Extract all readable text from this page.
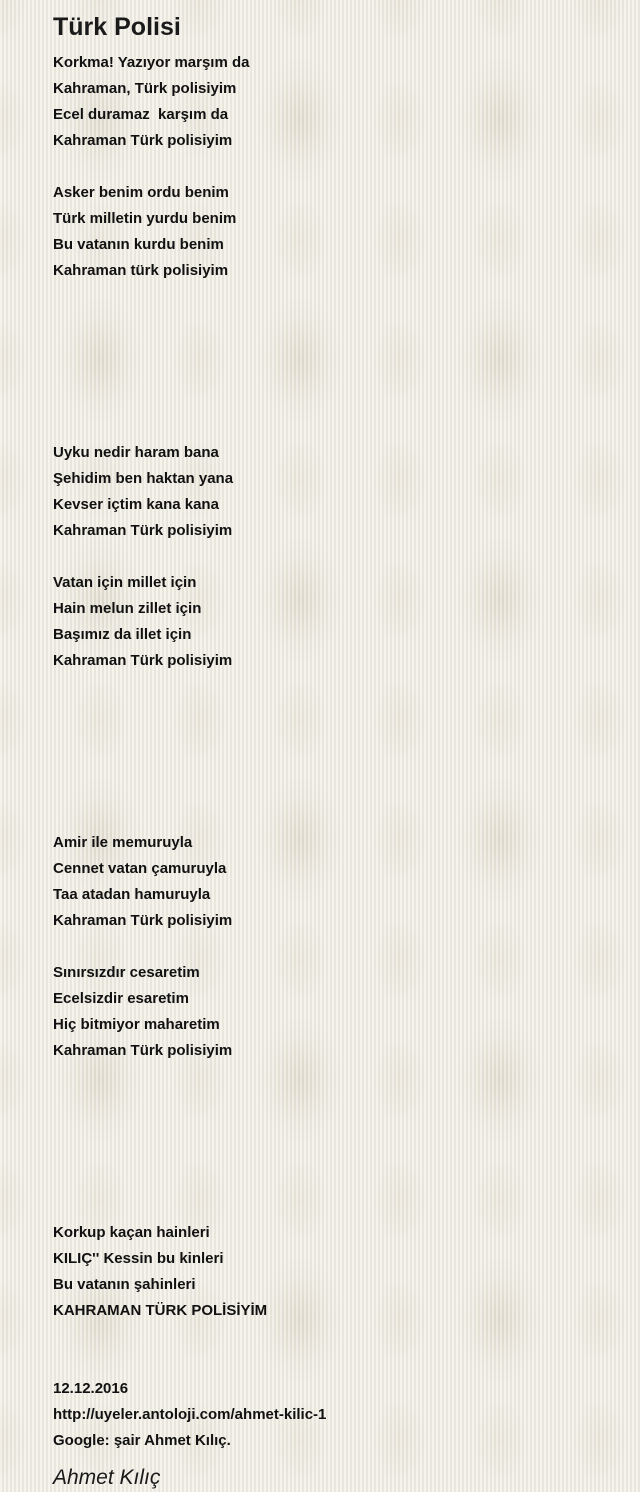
Türk Polisi
Korkma! Yazıyor marşım da
Kahraman, Türk polisiyim
Ecel duramaz  karşım da
Kahraman Türk polisiyim
Asker benim ordu benim
Türk milletin yurdu benim
Bu vatanın kurdu benim
Kahraman türk polisiyim
Uyku nedir haram bana
Şehidim ben haktan yana
Kevser içtim kana kana
Kahraman Türk polisiyim
Vatan için millet için
Hain melun zillet için
Başımız da illet için
Kahraman Türk polisiyim
Amir ile memuruyla
Cennet vatan çamuruyla
Taa atadan hamuruyla
Kahraman Türk polisiyim
Sınırsızdır cesaretim
Ecelsizdir esaretim
Hiç bitmiyor maharetim
Kahraman Türk polisiyim
Korkup kaçan hainleri
KILIÇ'' Kessin bu kinleri
Bu vatanın şahinleri
KAHRAMAN TÜRK POLİSİYİM
12.12.2016
http://uyeler.antoloji.com/ahmet-kilic-1
Google: şair Ahmet Kılıç.
Ahmet Kılıç
